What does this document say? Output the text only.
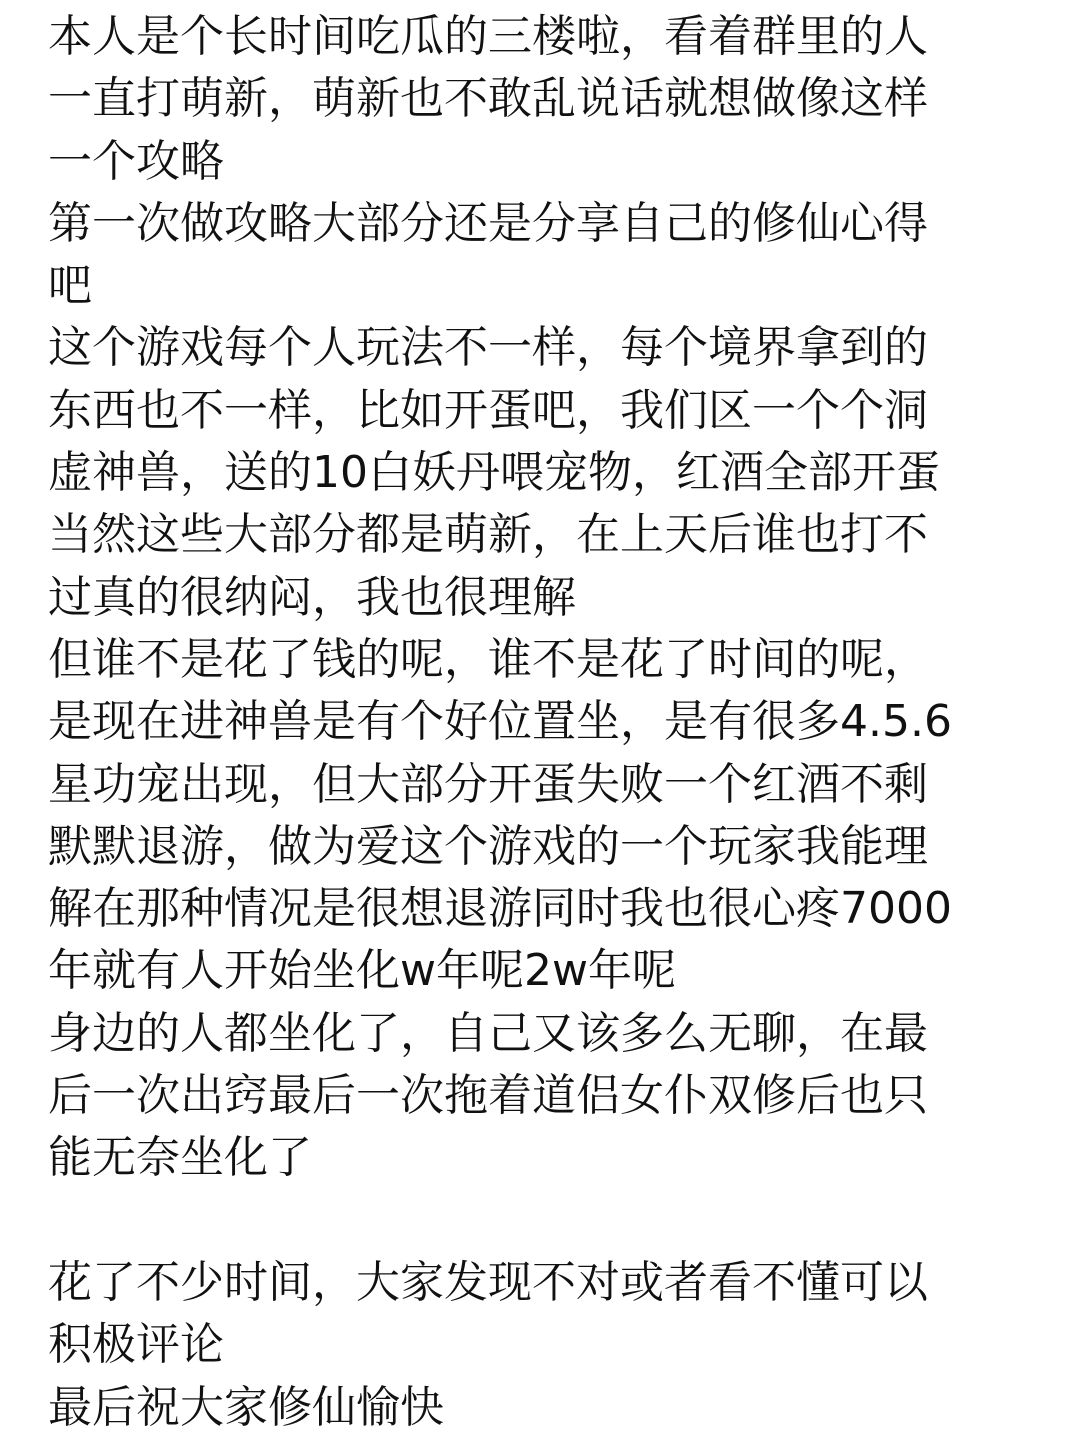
本人是个长时间吃瓜的三楼啦，看着群里的人
一直打萌新，萌新也不敢乱说话就想做像这样
一个攻略
第一次做攻略大部分还是分享自己的修仙心得
吧
这个游戏每个人玩法不一样，每个境界拿到的
东西也不一样，比如开蛋吧，我们区一个个洞
虚神兽，送的10白妖丹喂宠物，红酒全部开蛋
当然这些大部分都是萌新，在上天后谁也打不
过真的很纳闷，我也很理解
但谁不是花了钱的呢，谁不是花了时间的呢，
是现在进神兽是有个好位置坐，是有很多4.5.6
星功宠出现，但大部分开蛋失败一个红酒不剩
默默退游，做为爱这个游戏的一个玩家我能理
解在那种情况是很想退游同时我也很心疼7000
年就有人开始坐化w年呢2w年呢
身边的人都坐化了，自己又该多么无聊，在最
后一次出窍最后一次拖着道侣女仆双修后也只
能无奈坐化了
花了不少时间，大家发现不对或者看不懂可以
积极评论
最后祝大家修仙愉快
